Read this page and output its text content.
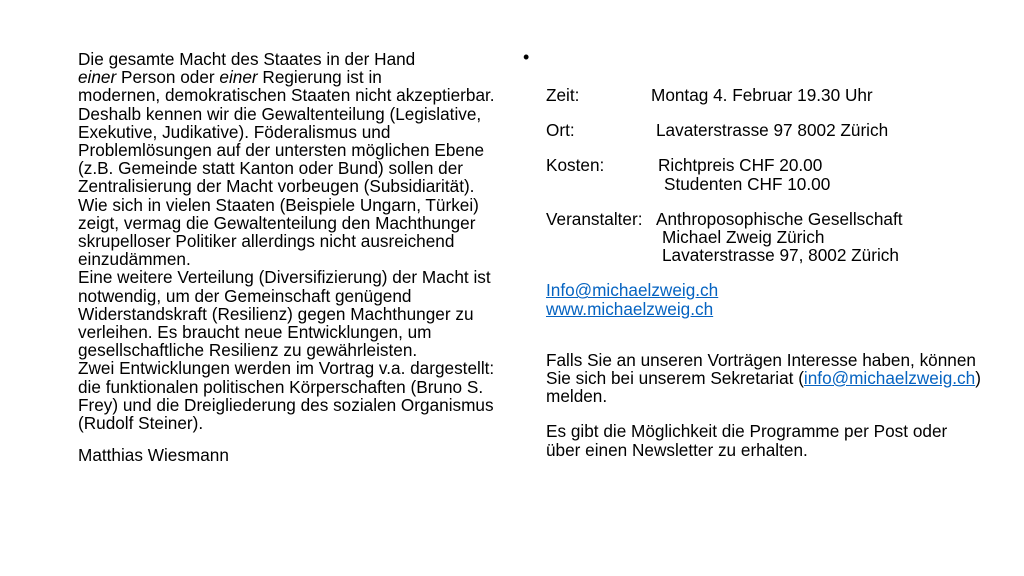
Die gesamte Macht des Staates in der Hand
einer Person oder einer Regierung ist in
modernen, demokratischen Staaten nicht akzeptierbar. Deshalb kennen wir die Gewaltenteilung (Legislative, Exekutive, Judikative). Föderalismus und Problemlösungen auf der untersten möglichen Ebene (z.B. Gemeinde statt Kanton oder Bund) sollen der Zentralisierung der Macht vorbeugen (Subsidiarität). Wie sich in vielen Staaten (Beispiele Ungarn, Türkei) zeigt, vermag die Gewaltenteilung den Machthunger skrupelloser Politiker allerdings nicht ausreichend einzudämmen.

Eine weitere Verteilung (Diversifizierung) der Macht ist notwendig, um der Gemeinschaft genügend Widerstandskraft (Resilienz) gegen Machthunger zu verleihen. Es braucht neue Entwicklungen, um gesellschaftliche Resilienz zu gewährleisten.

Zwei Entwicklungen werden im Vortrag v.a. dargestellt: die funktionalen politischen Körperschaften (Bruno S. Frey) und die Dreigliederung des sozialen Organismus (Rudolf Steiner).

Matthias Wiesmann

•
Zeit:	Montag 4. Februar 19.30 Uhr
Ort:	Lavaterstrasse 97 8002 Zürich
Kosten:	Richtpreis CHF 20.00
Studenten CHF 10.00
Veranstalter: Anthroposophische Gesellschaft
Michael Zweig Zürich
Lavaterstrasse 97, 8002 Zürich
Info@michaelzweig.ch
www.michaelzweig.ch

Falls Sie an unseren Vorträgen Interesse haben, können Sie sich bei unserem Sekretariat (info@michaelzweig.ch) melden.

Es gibt die Möglichkeit die Programme per Post oder über einen Newsletter zu erhalten.
